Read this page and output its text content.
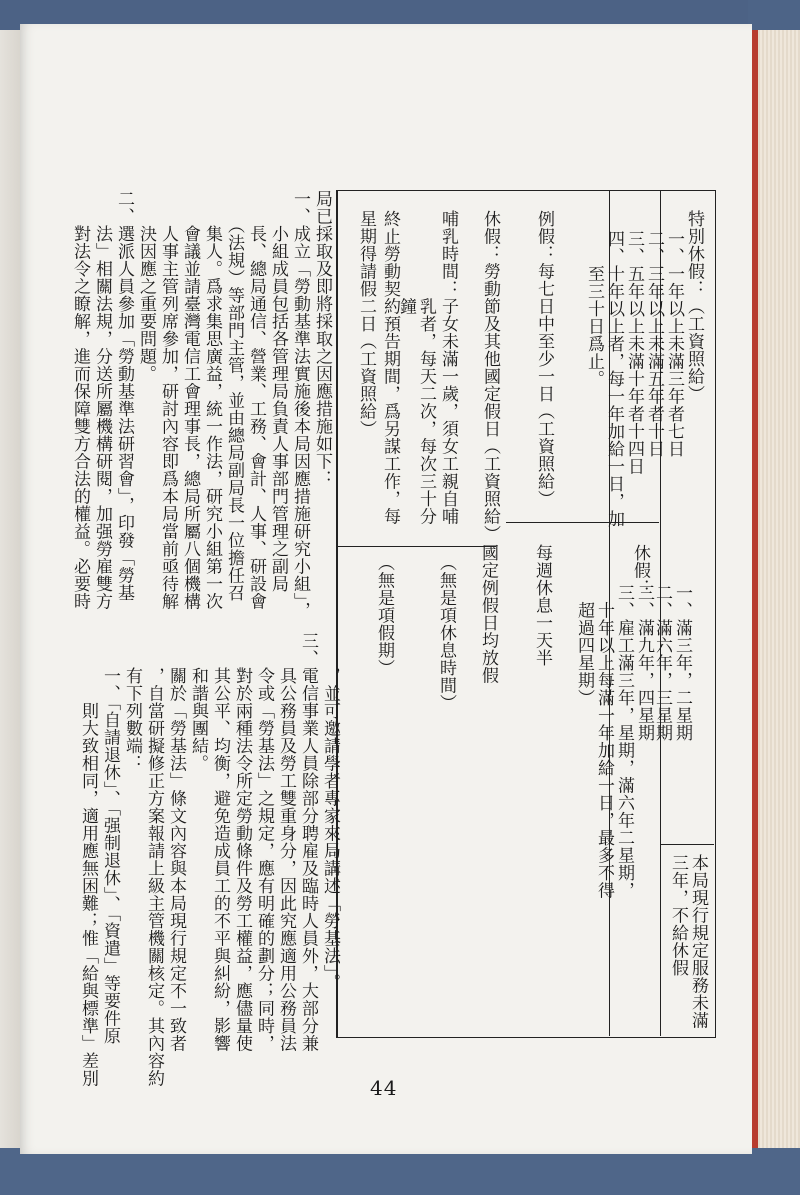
特別休假：（工資照給）
一、一年以上未滿三年者七日
二、三年以上未滿五年者十日
三、五年以上未滿十年者十四日
四、十年以上者，每一年加給一日，加
　　至三十日爲止。
例假：每七日中至少一日（工資照給）
休假：勞動節及其他國定假日（工資照給）
哺乳時間：子女未滿一歲，須女工親自哺
　　　　　乳者，每天二次，每次三十分
　　　　　鐘
終止勞動契約預告期間，爲另謀工作，每
星期得請假二日（工資照給）
休假：
一、滿三年，二星期
二、滿六年，三星期
三、滿九年，四星期
三、雇工滿三年，星期，滿六年二星期，
　十年以上每滿一年加給一日，最多不得
　超過四星期）
每週休息一天半
國定例假日均放假
（無是項休息時間）
（無是項假期）
本局現行規定服務未滿
三年，不給休假
局已採取及即將採取之因應措施如下：
一、成立「勞動基準法實施後本局因應措施研究小組」，
　　小組成員包括各管理局負責人事部門管理之副局
　　長、總局通信、營業、工務、會計、人事、研設會
　　（法規）等部門主管，並由總局副局長一位擔任召
　　集人。爲求集思廣益，統一作法，研究小組第一次
　　會議並請臺灣電信工會理事長，總局所屬八個機構
　　人事主管列席參加，研討內容即爲本局當前亟待解
　　決因應之重要問題。
二、選派人員參加「勞動基準法研習會」，印發「勞基
　　法」相關法規，分送所屬機構研閱，加强勞雇雙方
　　對法令之瞭解，進而保障雙方合法的權益。必要時
　　，並可邀請學者專家來局講述「勞基法」。
三、電信事業人員除部分聘雇及臨時人員外，大部分兼
　　具公務員及勞工雙重身分，因此究應適用公務員法
　　令或「勞基法」之規定，應有明確的劃分；同時，
　　對於兩種法令所定勞動條件及勞工權益，應儘量使
　　其公平、均衡，避免造成員工的不平與糾紛，影響
　　和諧與團結。
　　關於「勞基法」條文內容與本局現行規定不一致者
　　，自當研擬修正方案報請上級主管機關核定。其內容約
　　有下列數端：
　　一、「自請退休」、「强制退休」、「資遣」等要件原
　　　　則大致相同，適用應無困難；惟「給與標準」差別
44
